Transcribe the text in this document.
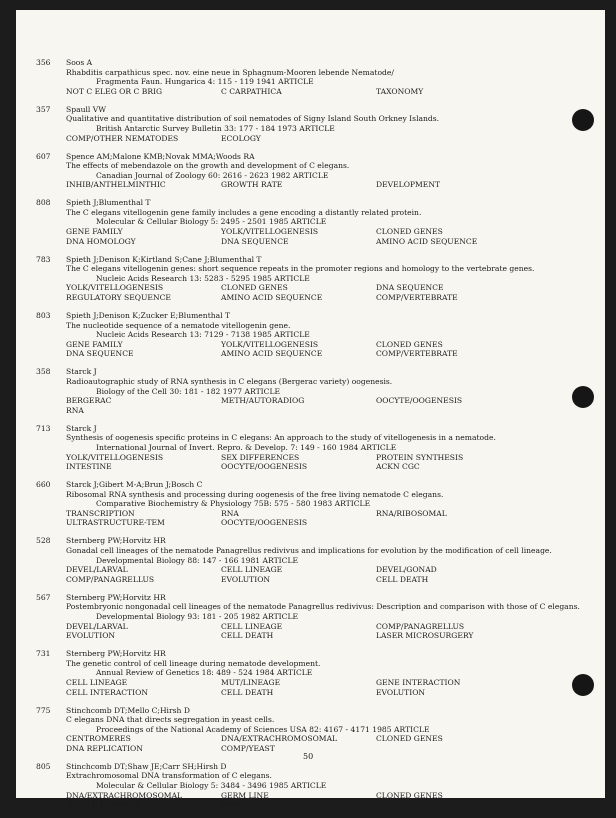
356 Soos A
Rhabditis carpathicus spec. nov. eine neue in Sphagnum-Mooren lebende Nematode/
Fragmenta Faun. Hungarica 4: 115 - 119 1941 ARTICLE
NOT C ELEG OR C BRIG	C CARPATHICA	TAXONOMY
357 Spaull VW
Qualitative and quantitative distribution of soil nematodes of Signy Island South Orkney Islands.
British Antarctic Survey Bulletin 33: 177 - 184 1973 ARTICLE
COMP/OTHER NEMATODES	ECOLOGY
607 Spence AM;Malone KMB;Novak MMA;Woods RA
The effects of mebendazole on the growth and development of C elegans.
Canadian Journal of Zoology 60: 2616 - 2623 1982 ARTICLE
INHIB/ANTHELMINTHIC	GROWTH RATE	DEVELOPMENT
808 Spieth J;Blumenthal T
The C elegans vitellogenin gene family includes a gene encoding a distantly related protein.
Molecular & Cellular Biology 5: 2495 - 2501 1985 ARTICLE
GENE FAMILY	YOLK/VITELLOGENESIS	CLONED GENES
DNA HOMOLOGY	DNA SEQUENCE	AMINO ACID SEQUENCE
783 Spieth J;Denison K;Kirtland S;Cane J;Blumenthal T
The C elegans vitellogenin genes: short sequence repeats in the promoter regions and homology to the vertebrate genes.
Nucleic Acids Research 13: 5283 - 5295 1985 ARTICLE
YOLK/VITELLOGENESIS	CLONED GENES	DNA SEQUENCE
REGULATORY SEQUENCE	AMINO ACID SEQUENCE	COMP/VERTEBRATE
803 Spieth J;Denison K;Zucker E;Blumenthal T
The nucleotide sequence of a nematode vitellogenin gene.
Nucleic Acids Research 13: 7129 - 7138 1985 ARTICLE
GENE FAMILY	YOLK/VITELLOGENESIS	CLONED GENES
DNA SEQUENCE	AMINO ACID SEQUENCE	COMP/VERTEBRATE
358 Starck J
Radioautographic study of RNA synthesis in C elegans (Bergerac variety) oogenesis.
Biology of the Cell 30: 181 - 182 1977 ARTICLE
BERGERAC	METH/AUTORADIOG	OOCYTE/OOGENESIS
RNA
713 Starck J
Synthesis of oogenesis specific proteins in C elegans: An approach to the study of vitellogenesis in a nematode.
International Journal of Invert. Repro. & Develop. 7: 149 - 160 1984 ARTICLE
YOLK/VITELLOGENESIS	SEX DIFFERENCES	PROTEIN SYNTHESIS
INTESTINE	OOCYTE/OOGENESIS	ACKN CGC
660 Starck J;Gibert M-A;Brun J;Bosch C
Ribosomal RNA synthesis and processing during oogenesis of the free living nematode C elegans.
Comparative Biochemistry & Physiology 75B: 575 - 580 1983 ARTICLE
TRANSCRIPTION	RNA	RNA/RIBOSOMAL
ULTRASTRUCTURE-TEM	OOCYTE/OOGENESIS
528 Sternberg PW;Horvitz HR
Gonadal cell lineages of the nematode Panagrellus redivivus and implications for evolution by the modification of cell lineage.
Developmental Biology 88: 147 - 166 1981 ARTICLE
DEVEL/LARVAL	CELL LINEAGE	DEVEL/GONAD
COMP/PANAGRELLUS	EVOLUTION	CELL DEATH
567 Sternberg PW;Horvitz HR
Postembryonic nongonadal cell lineages of the nematode Panagrellus redivivus: Description and comparison with those of C elegans.
Developmental Biology 93: 181 - 205 1982 ARTICLE
DEVEL/LARVAL	CELL LINEAGE	COMP/PANAGRELLUS
EVOLUTION	CELL DEATH	LASER MICROSURGERY
731 Sternberg PW;Horvitz HR
The genetic control of cell lineage during nematode development.
Annual Review of Genetics 18: 489 - 524 1984 ARTICLE
CELL LINEAGE	MUT/LINEAGE	GENE INTERACTION
CELL INTERACTION	CELL DEATH	EVOLUTION
775 Stinchcomb DT;Mello C;Hirsh D
C elegans DNA that directs segregation in yeast cells.
Proceedings of the National Academy of Sciences USA 82: 4167 - 4171 1985 ARTICLE
CENTROMERES	DNA/EXTRACHROMOSOMAL	CLONED GENES
DNA REPLICATION	COMP/YEAST
805 Stinchcomb DT;Shaw JE;Carr SH;Hirsh D
Extrachromosomal DNA transformation of C elegans.
Molecular & Cellular Biology 5: 3484 - 3496 1985 ARTICLE
DNA/EXTRACHROMOSOMAL	GERM LINE	CLONED GENES
IN SITU HYBRIDIZ	MOSAIC
50
